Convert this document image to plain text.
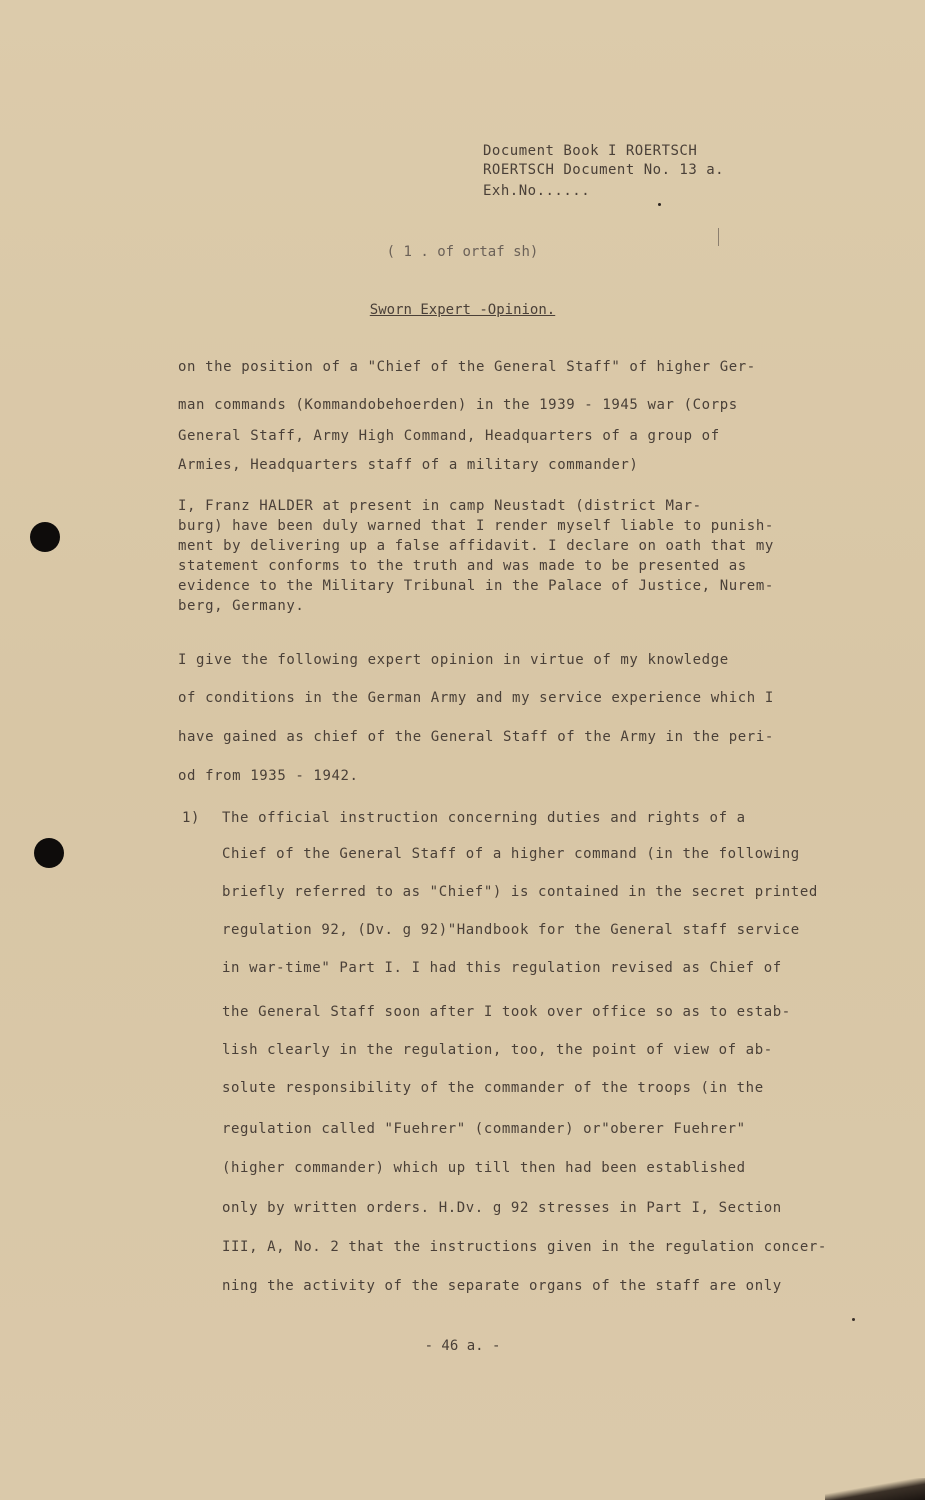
Document Book I ROERTSCH
ROERTSCH Document No. 13 a.
Exh.No......
( 1 . of ortaf sh)
Sworn Expert -Opinion.
on the position of a "Chief of the General Staff" of higher Ger-
man commands (Kommandobehoerden) in the 1939 - 1945 war (Corps
General Staff, Army High Command, Headquarters of a group of
Armies, Headquarters staff of a military commander)
I, Franz HALDER at present in camp Neustadt (district Mar-
burg) have been duly warned that I render myself liable to punish-
ment by delivering up a false affidavit. I declare on oath that my
statement conforms to the truth and was made to be presented as
evidence to the Military Tribunal in the Palace of Justice, Nurem-
berg, Germany.
I give the following expert opinion in virtue of my knowledge
of conditions in the German Army and my service experience which I
have gained as chief of the General Staff of the Army in the peri-
od from 1935 - 1942.
1) The official instruction concerning duties and rights of a
Chief of the General Staff of a higher command (in the following
briefly referred to as "Chief") is contained in the secret printed
regulation 92, (Dv. g 92)"Handbook for the General staff service
in war-time" Part I. I had this regulation revised as Chief of
the General Staff soon after I took over office so as to estab-
lish clearly in the regulation, too, the point of view of ab-
solute responsibility of the commander of the troops (in the
regulation called "Fuehrer" (commander) or"oberer Fuehrer"
(higher commander) which up till then had been established
only by written orders. H.Dv. g 92 stresses in Part I, Section
III, A, No. 2 that the instructions given in the regulation concer-
ning the activity of the separate organs of the staff are only
- 46 a. -
